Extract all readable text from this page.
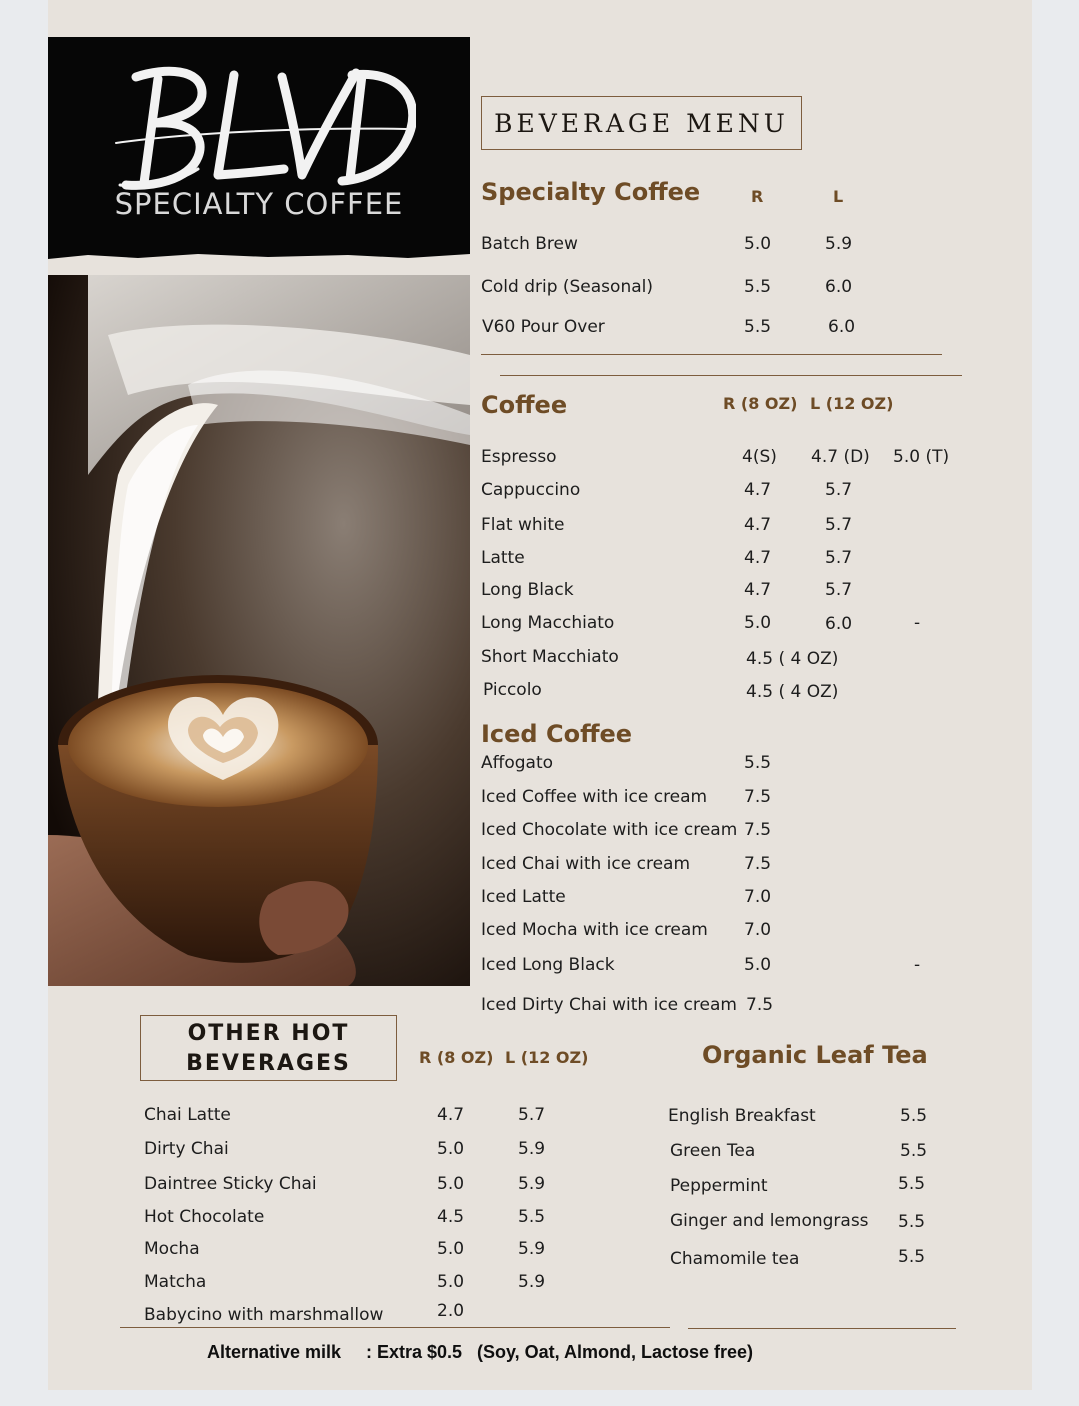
SPECIALTY COFFEE
BEVERAGE MENU
Specialty Coffee	R	L
Batch Brew	5.0	5.9
Cold drip (Seasonal)	5.5	6.0
V60 Pour Over	5.5	6.0
Coffee	R (8 OZ) L (12 OZ)
Espresso	4(S) 4.7 (D) 5.0 (T)
Cappuccino	4.7	5.7
Flat white	4.7	5.7
Latte	4.7	5.7
Long Black	4.7	5.7
Long Macchiato	5.0	6.0	-
Short Macchiato	4.5 ( 4 OZ)
Piccolo	4.5 ( 4 OZ)
Iced Coffee
Affogato	5.5
Iced Coffee with ice cream 7.5
Iced Chocolate with ice cream 7.5
Iced Chai with ice cream	7.5
Iced Latte	7.0
Iced Mocha with ice cream 7.0
Iced Long Black	5.0	-
Iced Dirty Chai with ice cream 7.5
OTHER HOT
BEVERAGES	R (8 OZ) L (12 OZ)
Chai Latte	4.7	5.7
Dirty Chai	5.0	5.9
Daintree Sticky Chai	5.0	5.9
Hot Chocolate	4.5	5.5
Mocha	5.0	5.9
Matcha	5.0	5.9
Babycino with marshmallow	2.0
Organic Leaf Tea
English Breakfast	5.5
Green Tea	5.5
Peppermint	5.5
Ginger and lemongrass 5.5
Chamomile tea	5.5
Alternative milk : Extra $0.5 (Soy, Oat, Almond, Lactose free)
